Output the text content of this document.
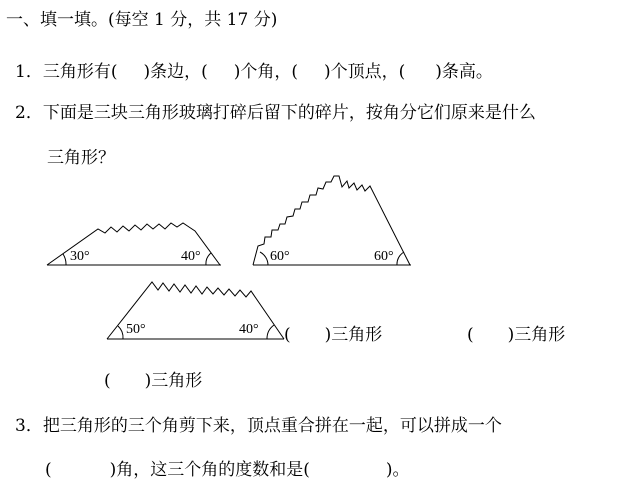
一、填一填。(每空 1 分，共 17 分)
1．三角形有( )条边，( )个角，( )个顶点，( )条高。
2．下面是三块三角形玻璃打碎后留下的碎片，按角分它们原来是什么
三角形？
30°	40°	60°	60°
50°	40° (　　)三角形	(　　)三角形
(　　)三角形
3．把三角形的三个角剪下来，顶点重合拼在一起，可以拼成一个
(	)角，这三个角的度数和是(	)。
